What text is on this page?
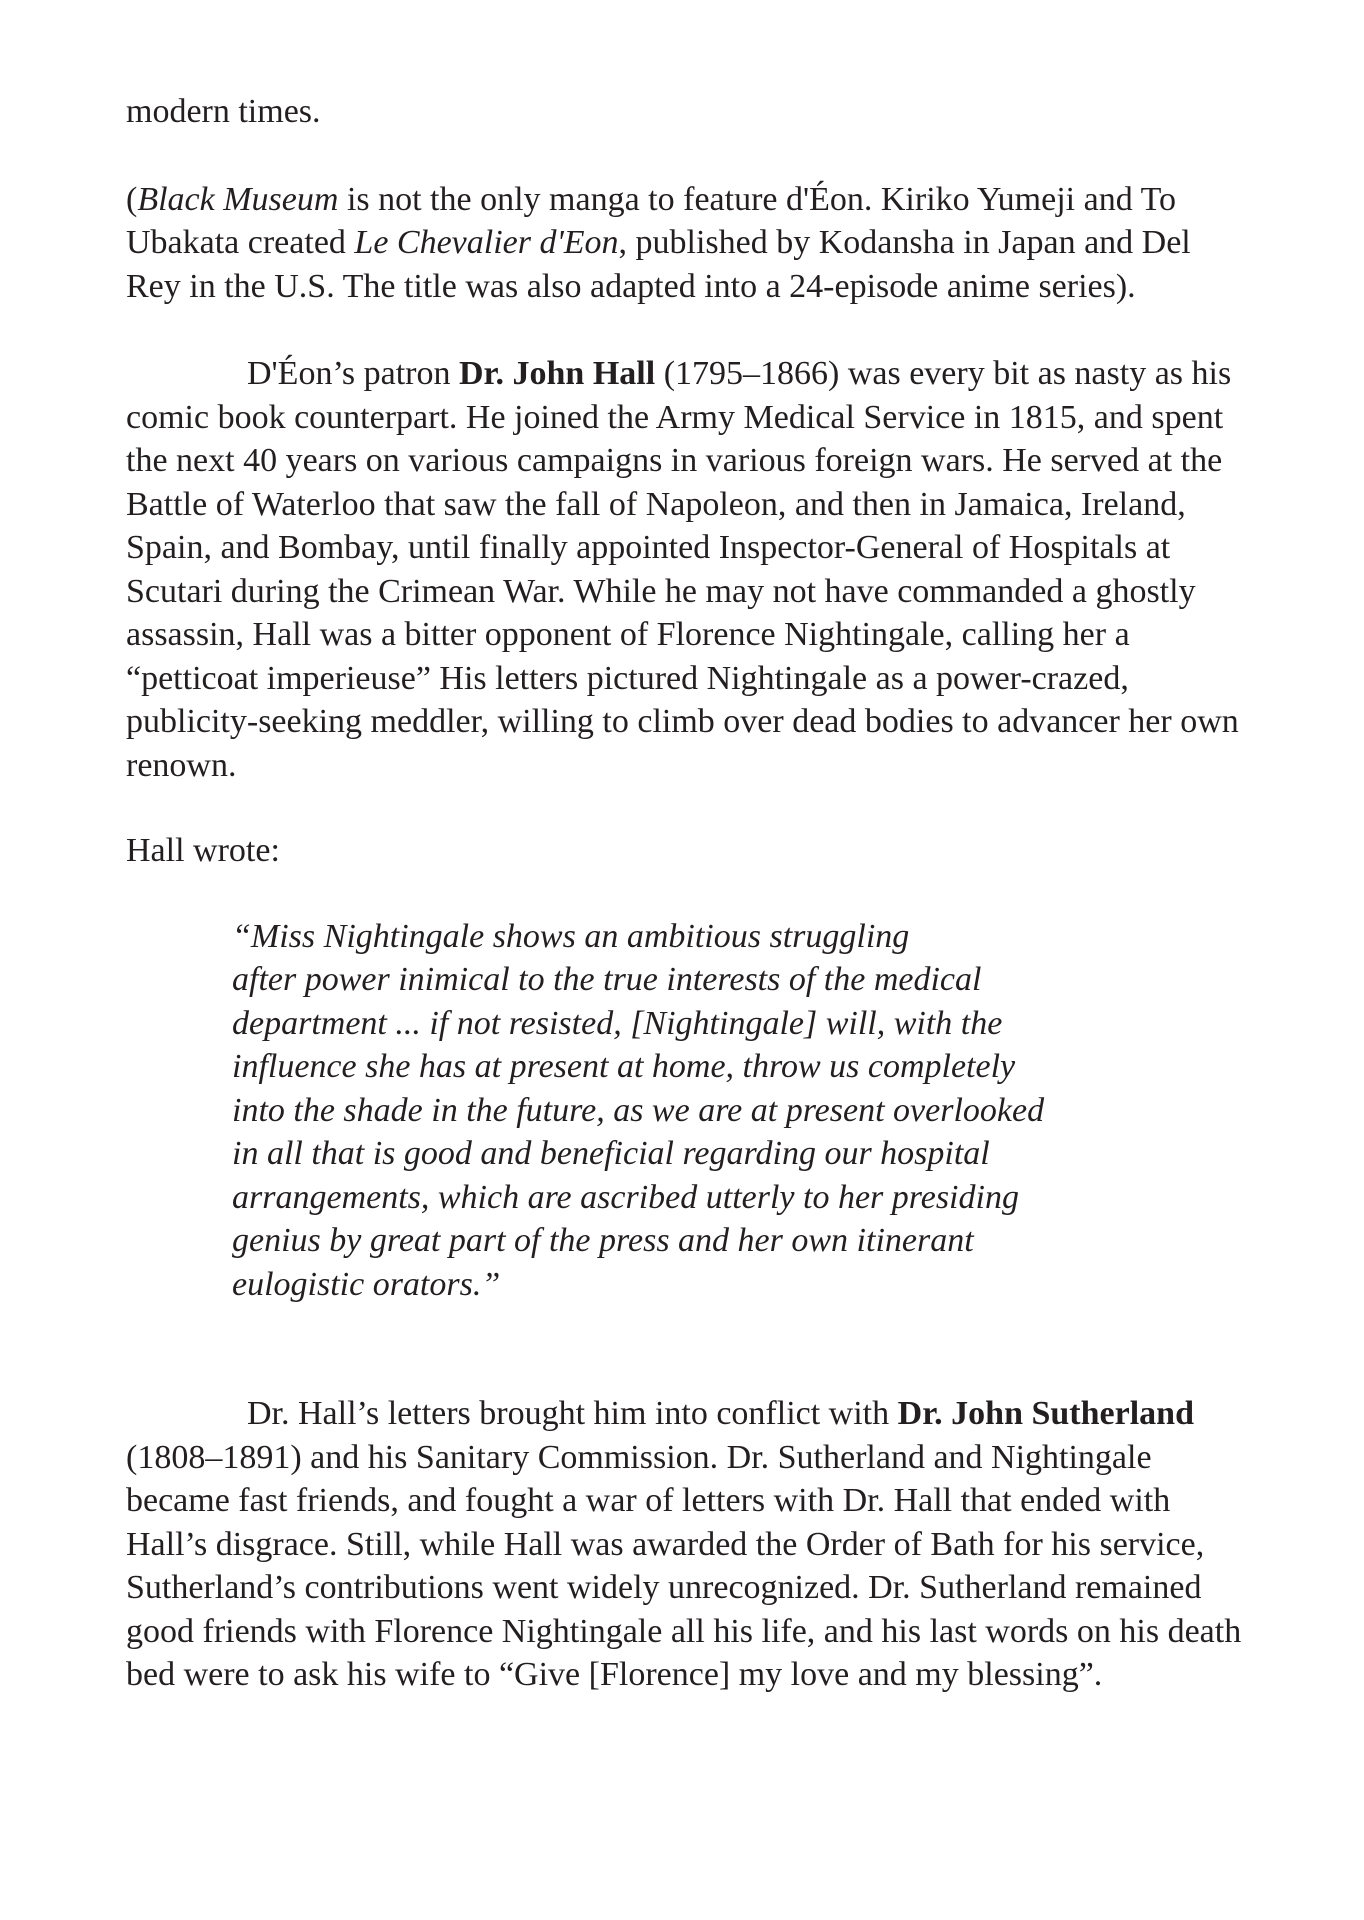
modern times.

(Black Museum is not the only manga to feature d'Éon. Kiriko Yumeji and To Ubakata created Le Chevalier d'Eon, published by Kodansha in Japan and Del Rey in the U.S. The title was also adapted into a 24-episode anime series).

D'Éon’s patron Dr. John Hall (1795–1866) was every bit as nasty as his comic book counterpart. He joined the Army Medical Service in 1815, and spent the next 40 years on various campaigns in various foreign wars. He served at the Battle of Waterloo that saw the fall of Napoleon, and then in Jamaica, Ireland, Spain, and Bombay, until finally appointed Inspector-General of Hospitals at Scutari during the Crimean War. While he may not have commanded a ghostly assassin, Hall was a bitter opponent of Florence Nightingale, calling her a “petticoat imperieuse” His letters pictured Nightingale as a power-crazed, publicity-seeking meddler, willing to climb over dead bodies to advancer her own renown.

Hall wrote:

“Miss Nightingale shows an ambitious struggling
after power inimical to the true interests of the medical
department ... if not resisted, [Nightingale] will, with the
influence she has at present at home, throw us completely
into the shade in the future, as we are at present overlooked
in all that is good and beneficial regarding our hospital
arrangements, which are ascribed utterly to her presiding
genius by great part of the press and her own itinerant
eulogistic orators.”

Dr. Hall’s letters brought him into conflict with Dr. John Sutherland (1808–1891) and his Sanitary Commission. Dr. Sutherland and Nightingale became fast friends, and fought a war of letters with Dr. Hall that ended with Hall’s disgrace. Still, while Hall was awarded the Order of Bath for his service, Sutherland’s contributions went widely unrecognized. Dr. Sutherland remained good friends with Florence Nightingale all his life, and his last words on his death bed were to ask his wife to “Give [Florence] my love and my blessing”.
